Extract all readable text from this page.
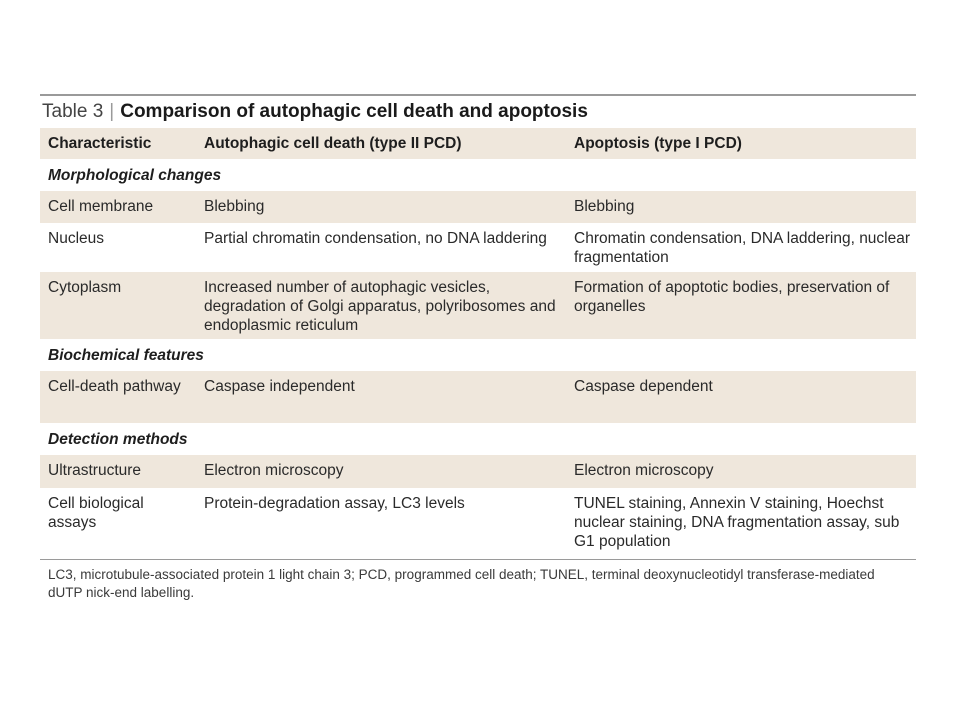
Table 3 | Comparison of autophagic cell death and apoptosis
Characteristic	Autophagic cell death (type II PCD)	Apoptosis (type I PCD)
Morphological changes		
Cell membrane	Blebbing	Blebbing
Nucleus	Partial chromatin condensation, no DNA laddering	Chromatin condensation, DNA laddering, nuclear fragmentation
Cytoplasm	Increased number of autophagic vesicles, degradation of Golgi apparatus, polyribosomes and endoplasmic reticulum	Formation of apoptotic bodies, preservation of organelles
Biochemical features		
Cell-death pathway	Caspase independent	Caspase dependent
Detection methods		
Ultrastructure	Electron microscopy	Electron microscopy
Cell biological assays	Protein-degradation assay, LC3 levels	TUNEL staining, Annexin V staining, Hoechst nuclear staining, DNA fragmentation assay, sub G1 population
LC3, microtubule-associated protein 1 light chain 3; PCD, programmed cell death; TUNEL, terminal deoxynucleotidyl transferase-mediated dUTP nick-end labelling.
